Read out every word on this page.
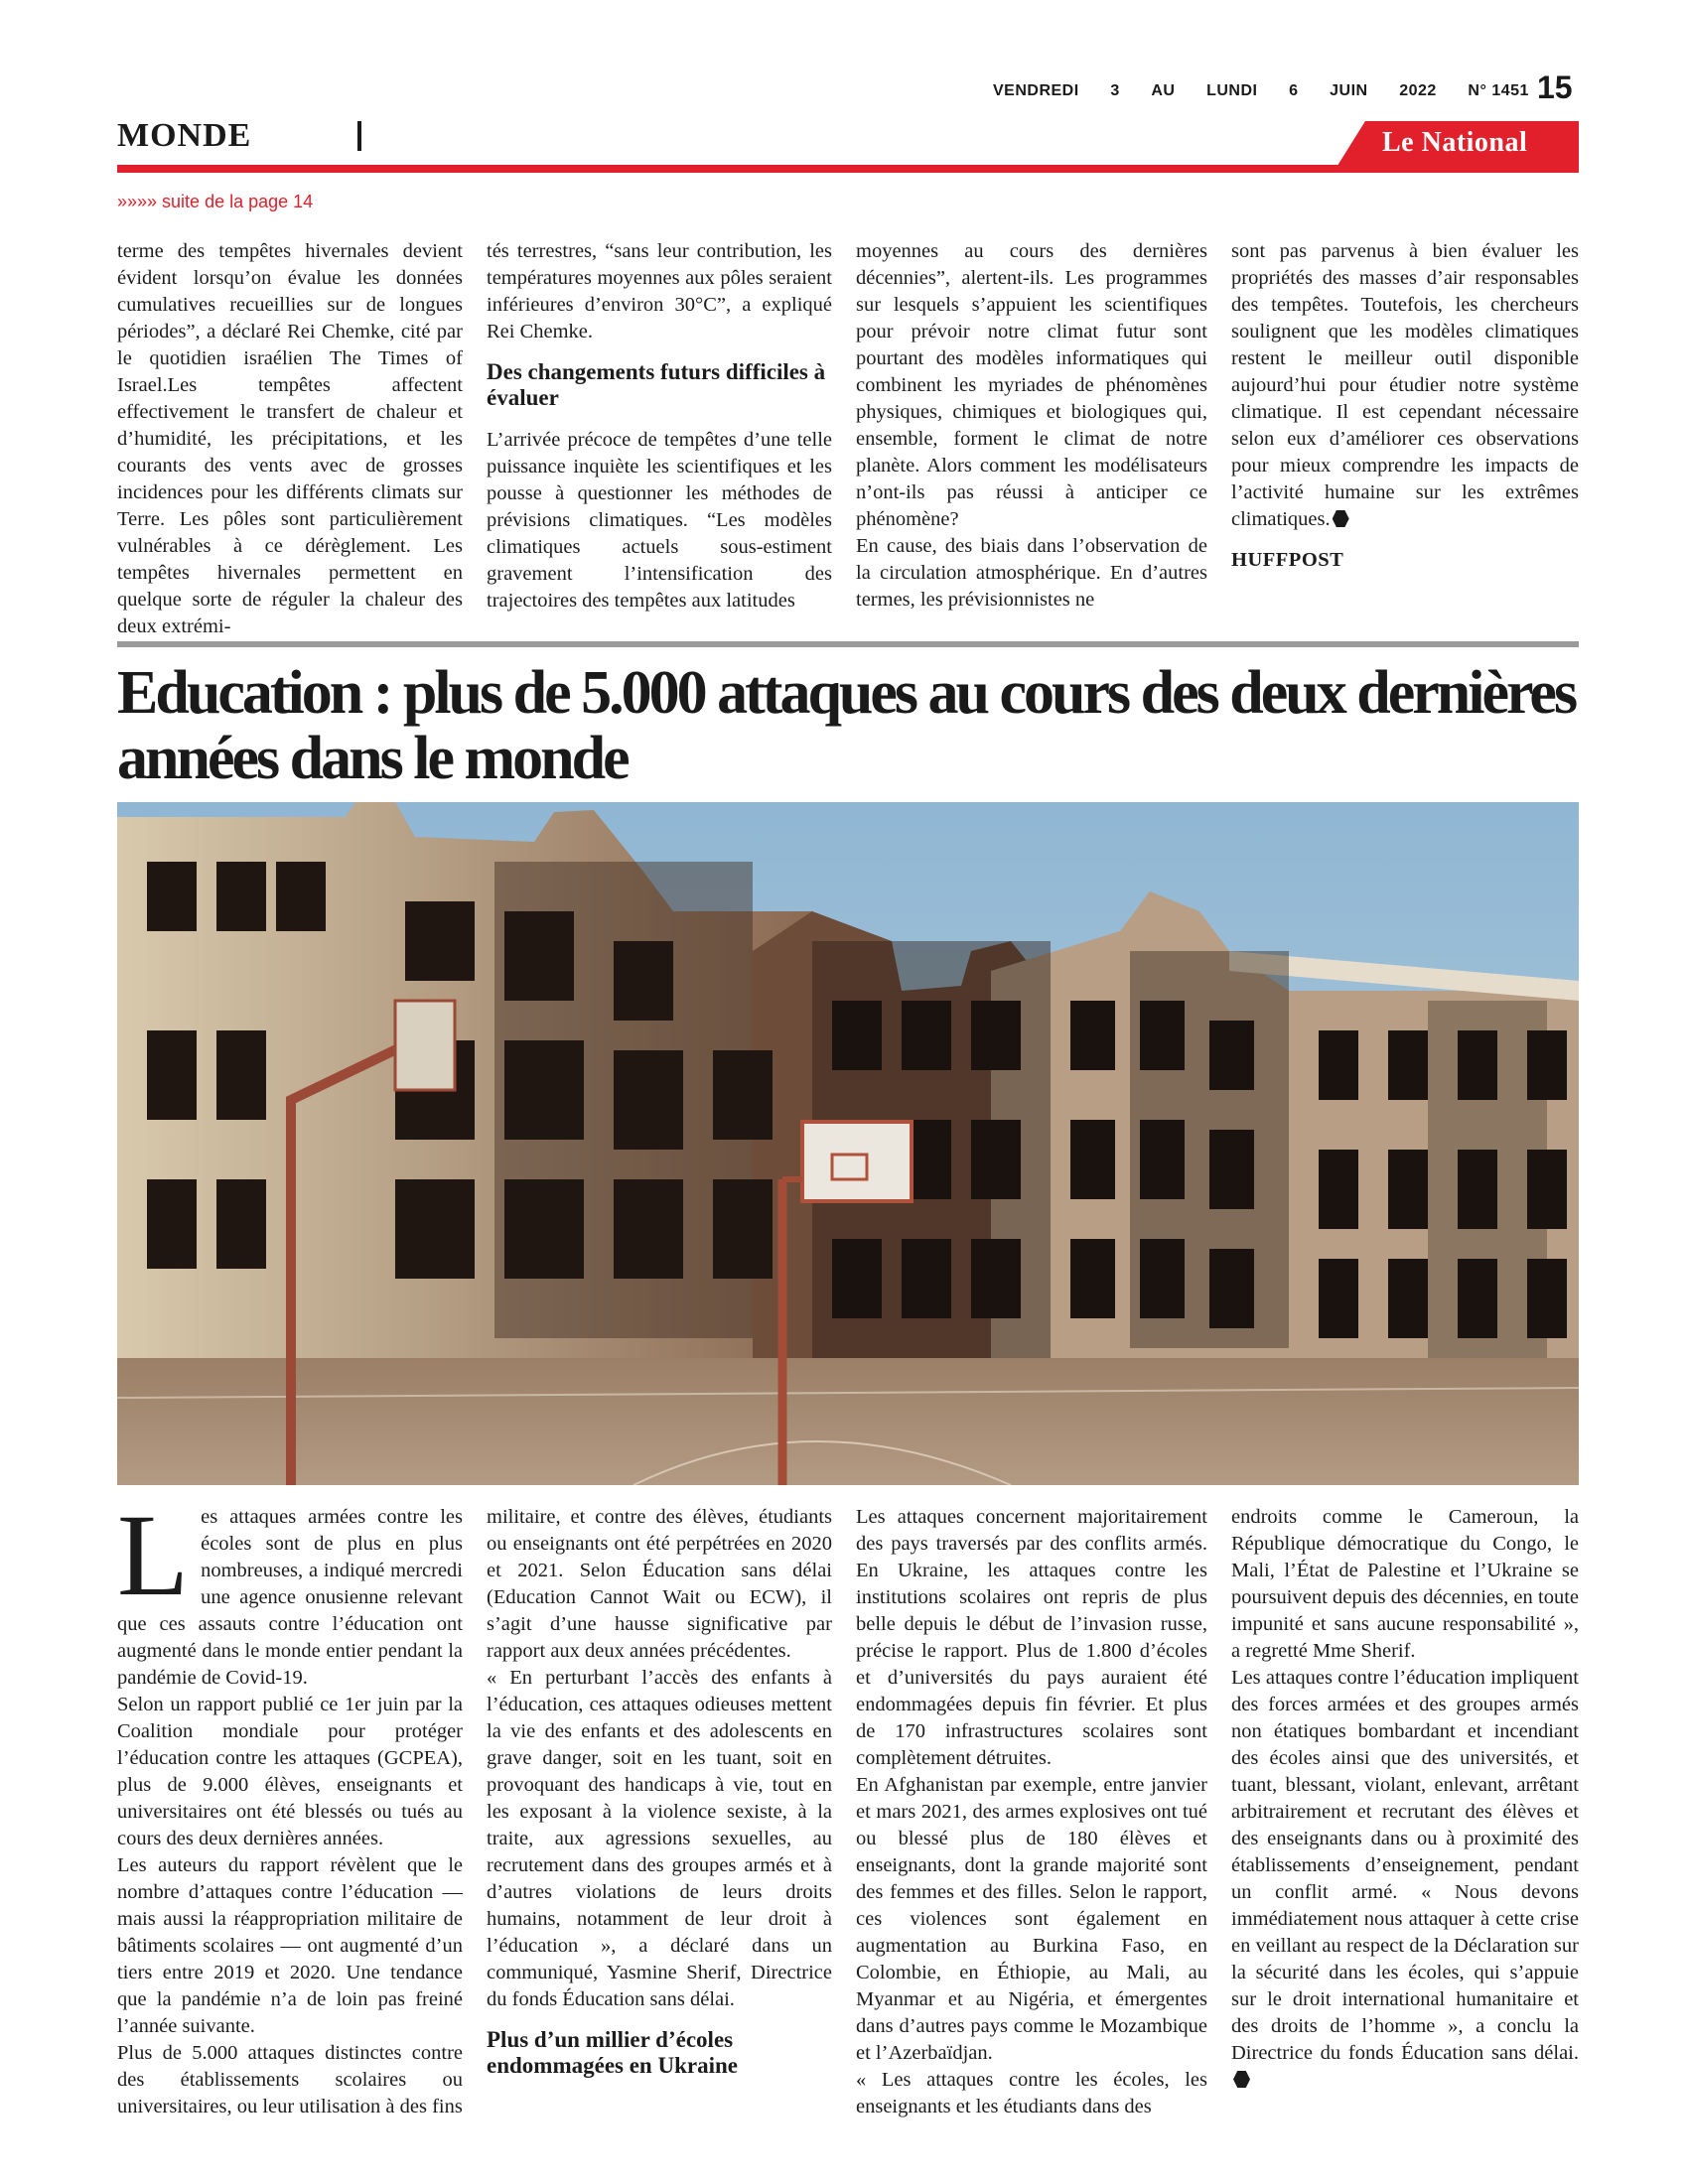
VENDREDI 3 AU LUNDI 6 JUIN 2022 N° 1451 15
MONDE	Le National
»»»» suite de la page 14

terme des tempêtes hivernales devient évident lorsqu’on évalue les données cumulatives recueillies sur de longues périodes”, a déclaré Rei Chemke, cité par le quotidien israélien The Times of Israel.Les tempêtes affectent effectivement le transfert de chaleur et d’humidité, les précipitations, et les courants des vents avec de grosses incidences pour les différents climats sur Terre. Les pôles sont particulièrement vulnérables à ce dérèglement. Les tempêtes hivernales permettent en quelque sorte de réguler la chaleur des deux extrémi-

tés terrestres, “sans leur contribution, les températures moyennes aux pôles seraient inférieures d’environ 30°C”, a expliqué Rei Chemke.

Des changements futurs difficiles à évaluer

L’arrivée précoce de tempêtes d’une telle puissance inquiète les scientifiques et les pousse à questionner les méthodes de prévisions climatiques. “Les modèles climatiques actuels sous-estiment gravement l’intensification des trajectoires des tempêtes aux latitudes

moyennes au cours des dernières décennies”, alertent-ils. Les programmes sur lesquels s’appuient les scientifiques pour prévoir notre climat futur sont pourtant des modèles informatiques qui combinent les myriades de phénomènes physiques, chimiques et biologiques qui, ensemble, forment le climat de notre planète. Alors comment les modélisateurs n’ont-ils pas réussi à anticiper ce phénomène?

En cause, des biais dans l’observation de la circulation atmosphérique. En d’autres termes, les prévisionnistes ne

sont pas parvenus à bien évaluer les propriétés des masses d’air responsables des tempêtes. Toutefois, les chercheurs soulignent que les modèles climatiques restent le meilleur outil disponible aujourd’hui pour étudier notre système climatique. Il est cependant nécessaire selon eux d’améliorer ces observations pour mieux comprendre les impacts de l’activité humaine sur les extrêmes climatiques.

HUFFPOST
Education : plus de 5.000 attaques au cours des deux dernières années dans le monde

Les attaques armées contre les écoles sont de plus en plus nombreuses, a indiqué mercredi une agence onusienne relevant que ces assauts contre l’éducation ont augmenté dans le monde entier pendant la pandémie de Covid-19.

Selon un rapport publié ce 1er juin par la Coalition mondiale pour protéger l’éducation contre les attaques (GCPEA), plus de 9.000 élèves, enseignants et universitaires ont été blessés ou tués au cours des deux dernières années.

Les auteurs du rapport révèlent que le nombre d’attaques contre l’éducation — mais aussi la réappropriation militaire de bâtiments scolaires — ont augmenté d’un tiers entre 2019 et 2020. Une tendance que la pandémie n’a de loin pas freiné l’année suivante.

Plus de 5.000 attaques distinctes contre des établissements scolaires ou universitaires, ou leur utilisation à des fins

militaire, et contre des élèves, étudiants ou enseignants ont été perpétrées en 2020 et 2021. Selon Éducation sans délai (Education Cannot Wait ou ECW), il s’agit d’une hausse significative par rapport aux deux années précédentes.

« En perturbant l’accès des enfants à l’éducation, ces attaques odieuses mettent la vie des enfants et des adolescents en grave danger, soit en les tuant, soit en provoquant des handicaps à vie, tout en les exposant à la violence sexiste, à la traite, aux agressions sexuelles, au recrutement dans des groupes armés et à d’autres violations de leurs droits humains, notamment de leur droit à l’éducation », a déclaré dans un communiqué, Yasmine Sherif, Directrice du fonds Éducation sans délai.

Plus d’un millier d’écoles endommagées en Ukraine

Les attaques concernent majoritairement des pays traversés par des conflits armés. En Ukraine, les attaques contre les institutions scolaires ont repris de plus belle depuis le début de l’invasion russe, précise le rapport. Plus de 1.800 d’écoles et d’universités du pays auraient été endommagées depuis fin février. Et plus de 170 infrastructures scolaires sont complètement détruites.

En Afghanistan par exemple, entre janvier et mars 2021, des armes explosives ont tué ou blessé plus de 180 élèves et enseignants, dont la grande majorité sont des femmes et des filles. Selon le rapport, ces violences sont également en augmentation au Burkina Faso, en Colombie, en Éthiopie, au Mali, au Myanmar et au Nigéria, et émergentes dans d’autres pays comme le Mozambique et l’Azerbaïdjan.

« Les attaques contre les écoles, les enseignants et les étudiants dans des

endroits comme le Cameroun, la République démocratique du Congo, le Mali, l’État de Palestine et l’Ukraine se poursuivent depuis des décennies, en toute impunité et sans aucune responsabilité », a regretté Mme Sherif.

Les attaques contre l’éducation impliquent des forces armées et des groupes armés non étatiques bombardant et incendiant des écoles ainsi que des universités, et tuant, blessant, violant, enlevant, arrêtant arbitrairement et recrutant des élèves et des enseignants dans ou à proximité des établissements d’enseignement, pendant un conflit armé. « Nous devons immédiatement nous attaquer à cette crise en veillant au respect de la Déclaration sur la sécurité dans les écoles, qui s’appuie sur le droit international humanitaire et des droits de l’homme », a conclu la Directrice du fonds Éducation sans délai.
